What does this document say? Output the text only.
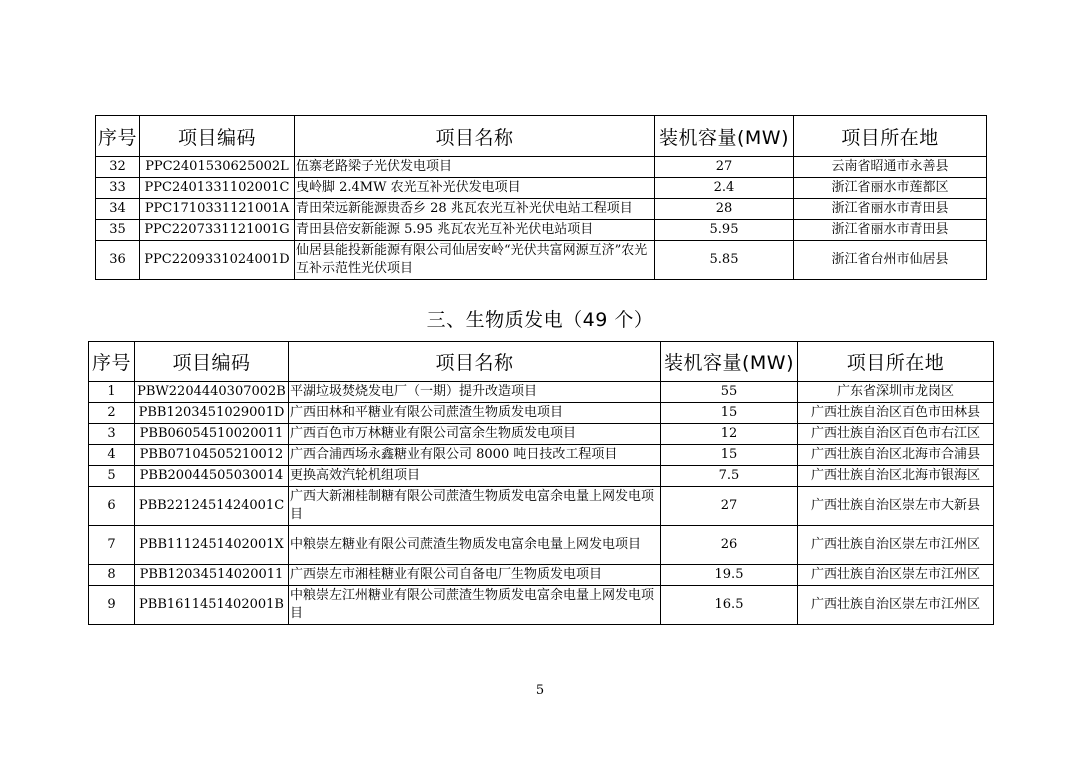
序号	项目编码	项目名称	装机容量(MW)	项目所在地
32	PPC2401530625002L	伍寨老路梁子光伏发电项目	27	云南省昭通市永善县
33	PPC2401331102001C	曳岭脚 2.4MW 农光互补光伏发电项目	2.4	浙江省丽水市莲都区
34	PPC1710331121001A	青田荣远新能源贵岙乡 28 兆瓦农光互补光伏电站工程项目	28	浙江省丽水市青田县
35	PPC2207331121001G	青田县倍安新能源 5.95 兆瓦农光互补光伏电站项目	5.95	浙江省丽水市青田县
36	PPC2209331024001D	仙居县能投新能源有限公司仙居安岭“光伏共富网源互济”农光互补示范性光伏项目	5.85	浙江省台州市仙居县
三、生物质发电（49 个）
序号	项目编码	项目名称	装机容量(MW)	项目所在地
1	PBW2204440307002B	平湖垃圾焚烧发电厂（一期）提升改造项目	55	广东省深圳市龙岗区
2	PBB1203451029001D	广西田林和平糖业有限公司蔗渣生物质发电项目	15	广西壮族自治区百色市田林县
3	PBB06054510020011	广西百色市万林糖业有限公司富余生物质发电项目	12	广西壮族自治区百色市右江区
4	PBB07104505210012	广西合浦西场永鑫糖业有限公司 8000 吨日技改工程项目	15	广西壮族自治区北海市合浦县
5	PBB20044505030014	更换高效汽轮机组项目	7.5	广西壮族自治区北海市银海区
6	PBB2212451424001C	广西大新湘桂制糖有限公司蔗渣生物质发电富余电量上网发电项目	27	广西壮族自治区崇左市大新县
7	PBB1112451402001X	中粮崇左糖业有限公司蔗渣生物质发电富余电量上网发电项目	26	广西壮族自治区崇左市江州区
8	PBB12034514020011	广西崇左市湘桂糖业有限公司自备电厂生物质发电项目	19.5	广西壮族自治区崇左市江州区
9	PBB1611451402001B	中粮崇左江州糖业有限公司蔗渣生物质发电富余电量上网发电项目	16.5	广西壮族自治区崇左市江州区
5
